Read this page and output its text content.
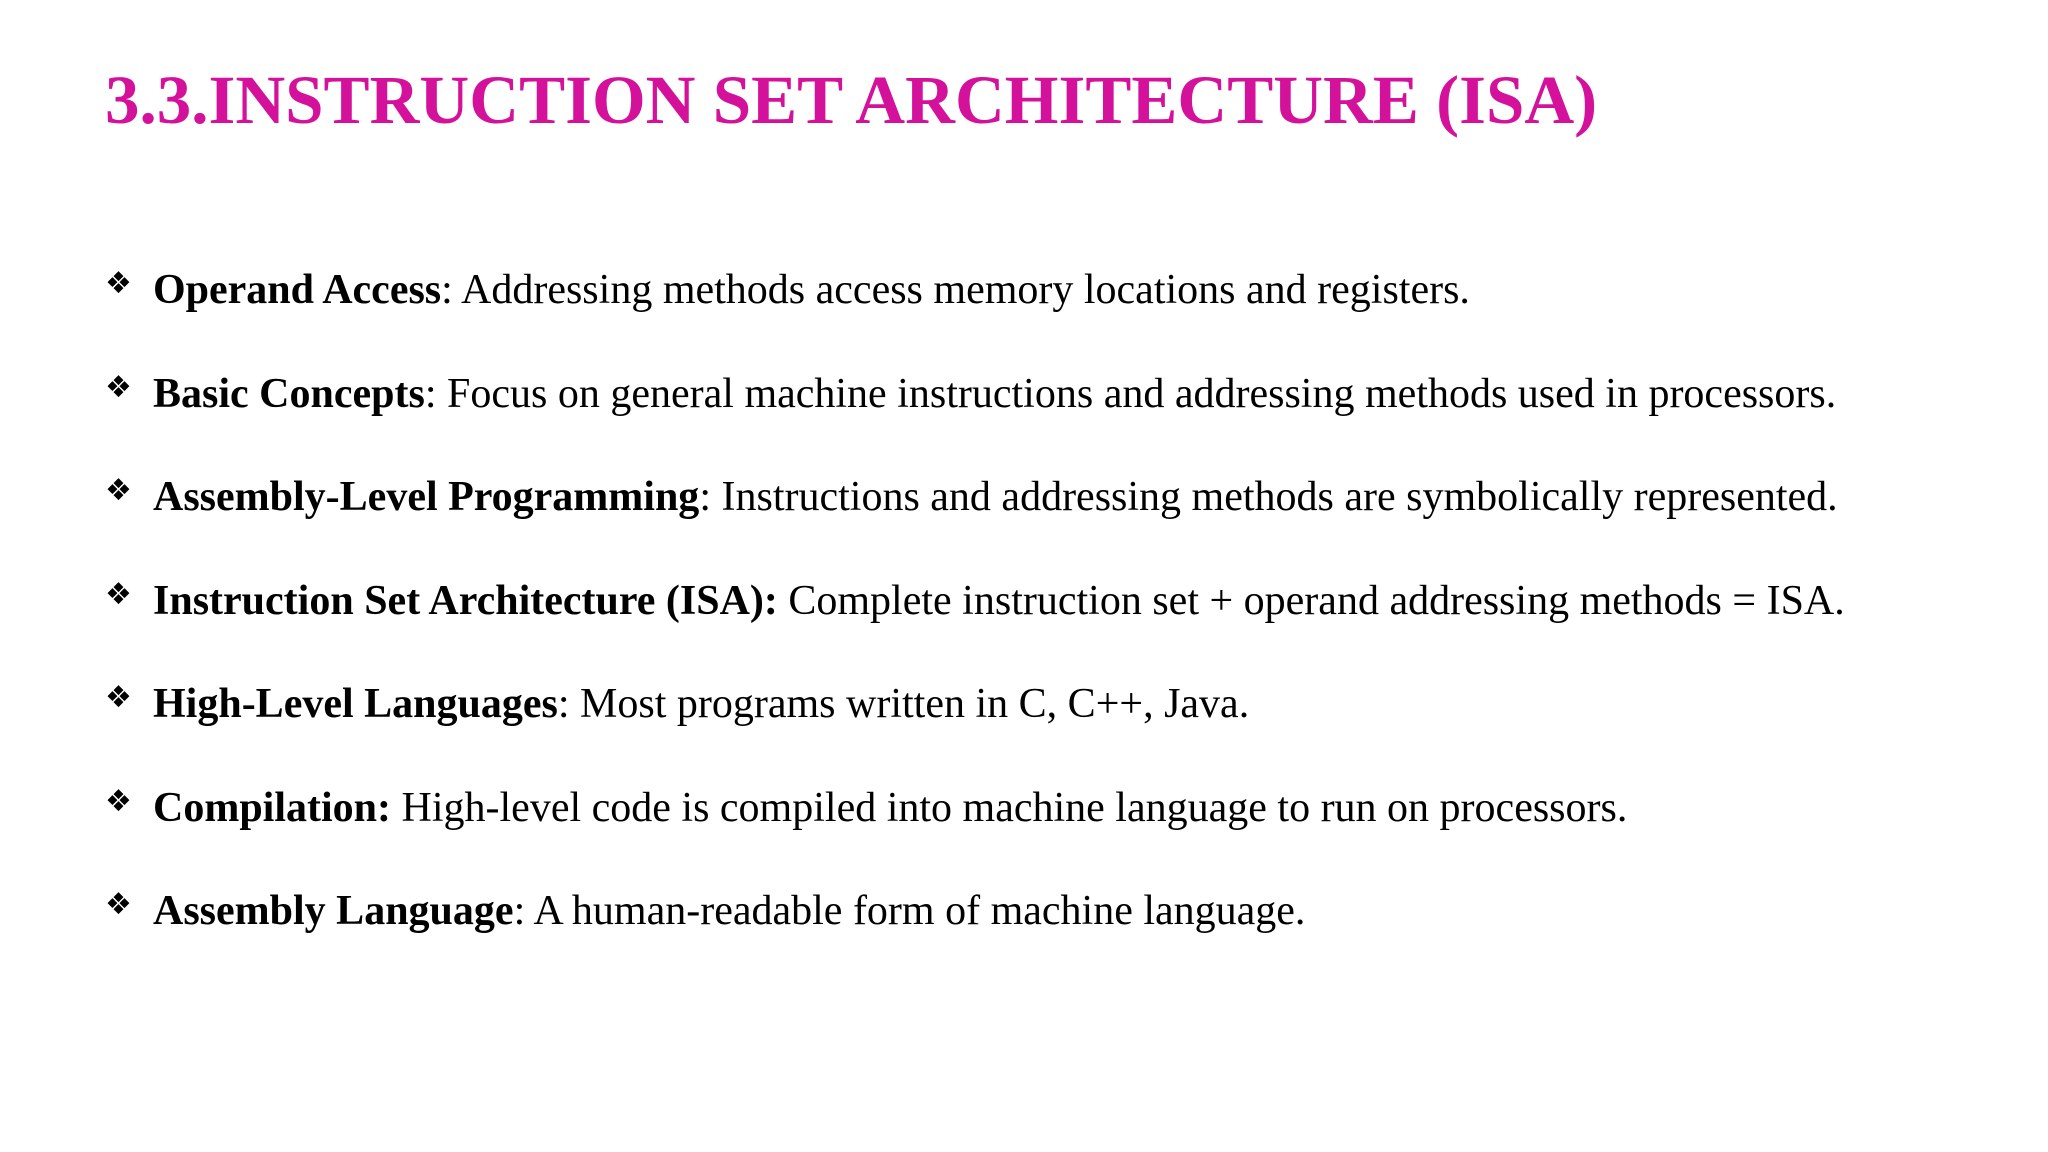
3.3.INSTRUCTION SET ARCHITECTURE (ISA)
❖ Operand Access: Addressing methods access memory locations and registers.
❖ Basic Concepts: Focus on general machine instructions and addressing methods used in processors.
❖ Assembly-Level Programming: Instructions and addressing methods are symbolically represented.
❖ Instruction Set Architecture (ISA): Complete instruction set + operand addressing methods = ISA.
❖ High-Level Languages: Most programs written in C, C++, Java.
❖ Compilation: High-level code is compiled into machine language to run on processors.
❖ Assembly Language: A human-readable form of machine language.
